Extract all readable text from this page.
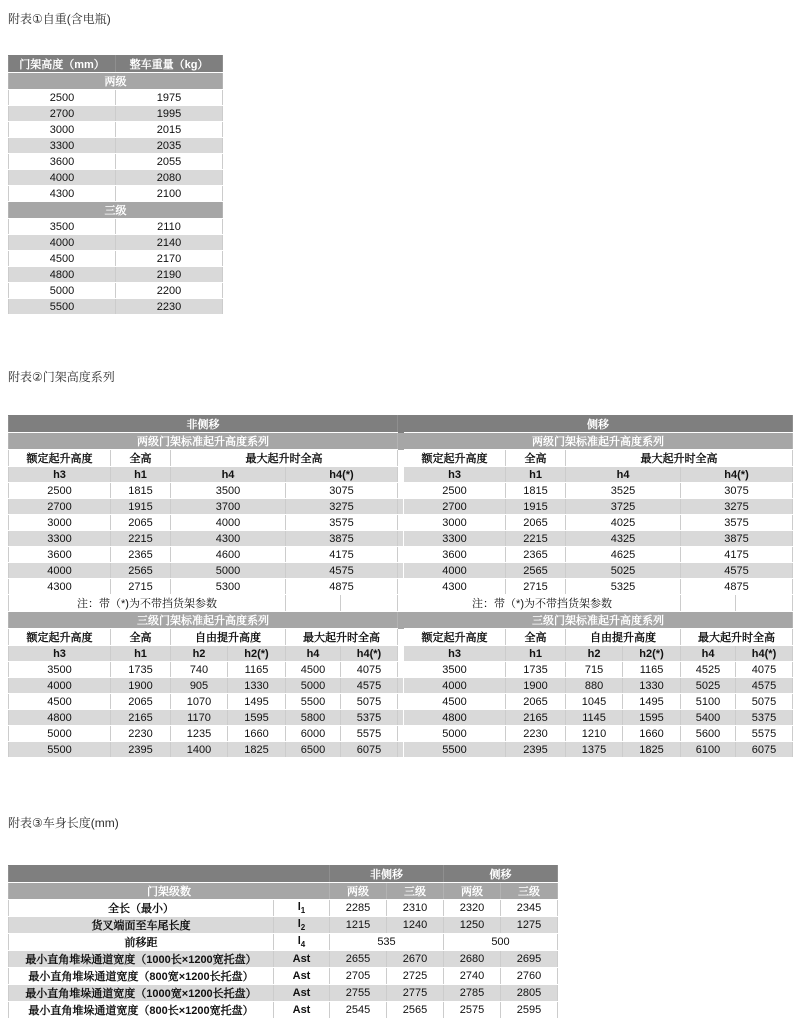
附表①自重(含电瓶)
门架高度（mm）	整车重量（kg）
两级	
2500	1975
2700	1995
3000	2015
3300	2035
3600	2055
4000	2080
4300	2100
三级	
3500	2110
4000	2140
4500	2170
4800	2190
5000	2200
5500	2230
附表②门架高度系列
非侧移							侧移					
两级门架标准起升高度系列							两级门架标准起升高度系列					
额定起升高度	全高	最大起升时全高					额定起升高度	全高	最大起升时全高			
h3	h1	h4		h4(*)			h3	h1	h4		h4(*)	
2500	1815	3500		3075			2500	1815	3525		3075	
2700	1915	3700		3275			2700	1915	3725		3275	
3000	2065	4000		3575			3000	2065	4025		3575	
3300	2215	4300		3875			3300	2215	4325		3875	
3600	2365	4600		4175			3600	2365	4625		4175	
4000	2565	5000		4575			4000	2565	5025		4575	
4300	2715	5300		4875			4300	2715	5325		4875	
注：带（*)为不带挡货架参数							注：带（*)为不带挡货架参数					
三级门架标准起升高度系列							三级门架标准起升高度系列					
额定起升高度	全高	自由提升高度		最大起升时全高			额定起升高度	全高	自由提升高度		最大起升时全高	
h3	h1	h2	h2(*)	h4	h4(*)		h3	h1	h2	h2(*)	h4	h4(*)
3500	1735	740	1165	4500	4075		3500	1735	715	1165	4525	4075
4000	1900	905	1330	5000	4575		4000	1900	880	1330	5025	4575
4500	2065	1070	1495	5500	5075		4500	2065	1045	1495	5100	5075
4800	2165	1170	1595	5800	5375		4800	2165	1145	1595	5400	5375
5000	2230	1235	1660	6000	5575		5000	2230	1210	1660	5600	5575
5500	2395	1400	1825	6500	6075		5500	2395	1375	1825	6100	6075
附表③车身长度(mm)
		非侧移		侧移	
门架级数		两级	三级	两级	三级
全长（最小）	$l_1$	2285	2310	2320	2345
货叉端面至车尾长度	$l_2$	1215	1240	1250	1275
前移距	$l_4$	535		500	
最小直角堆垛通道宽度（1000长×1200宽托盘）	Ast	2655	2670	2680	2695
最小直角堆垛通道宽度（800宽×1200长托盘）	Ast	2705	2725	2740	2760
最小直角堆垛通道宽度（1000宽×1200长托盘）	Ast	2755	2775	2785	2805
最小直角堆垛通道宽度（800长×1200宽托盘）	Ast	2545	2565	2575	2595
